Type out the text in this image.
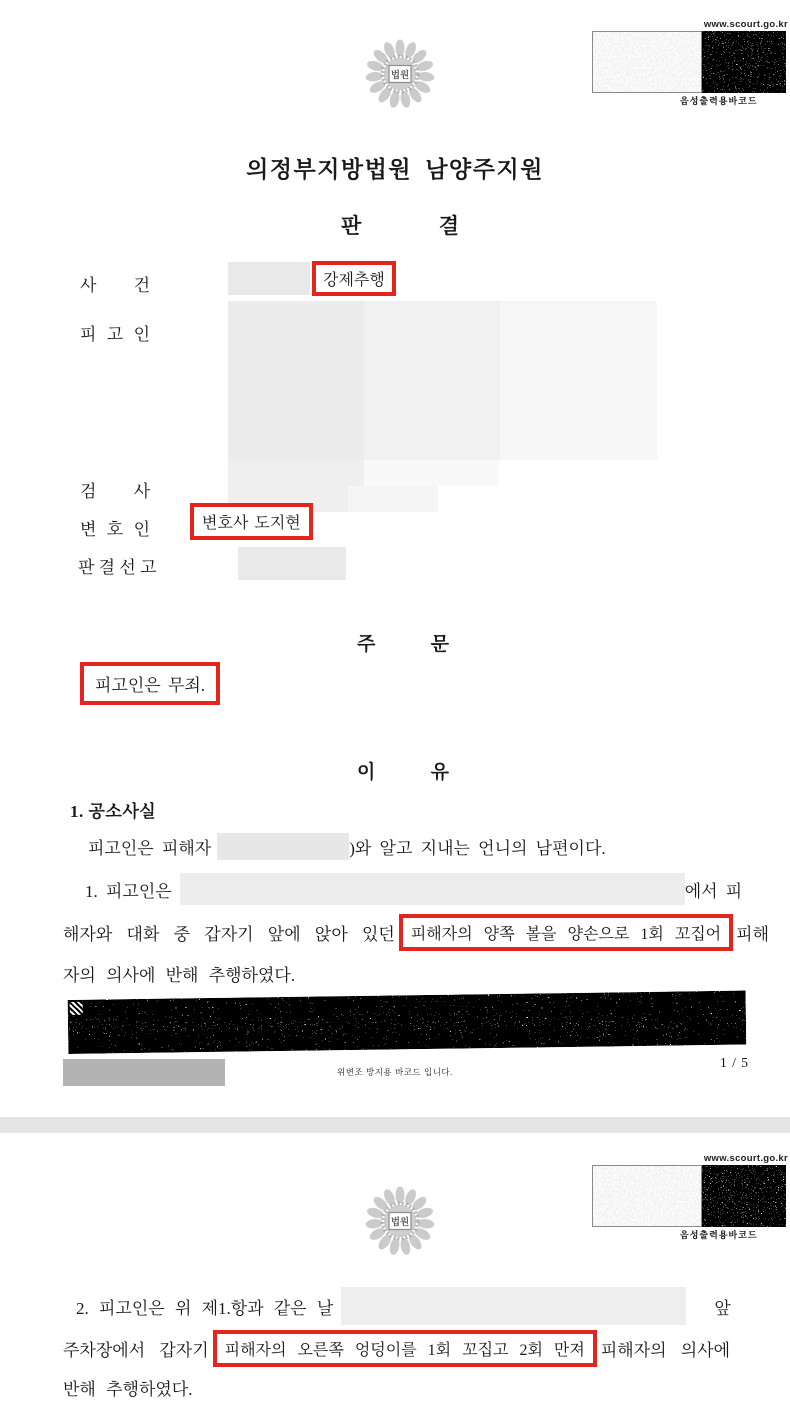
www.scourt.go.kr
음성출력용바코드
법원
의정부지방법원 남양주지원
판 결
사 건	강제추행
피 고 인
검 사
변 호 인	변호사 도지현
판 결 선 고
주 문
피고인은 무죄.
이 유
1. 공소사실
피고인은 피해자	)와 알고 지내는 언니의 남편이다.
1. 피고인은	에서 피
해자와 대화 중 갑자기 앞에 앉아 있던	피해자의 양쪽 볼을 양손으로 1회 꼬집어 피해
자의 의사에 반해 추행하였다.
위변조 방지용 바코드 입니다.
1 / 5
www.scourt.go.kr
음성출력용바코드
법원
2. 피고인은 위 제1.항과 같은 날	앞
주차장에서 갑자기	피해자의 오른쪽 엉덩이를 1회 꼬집고 2회 만져 피해자의 의사에
반해 추행하였다.
